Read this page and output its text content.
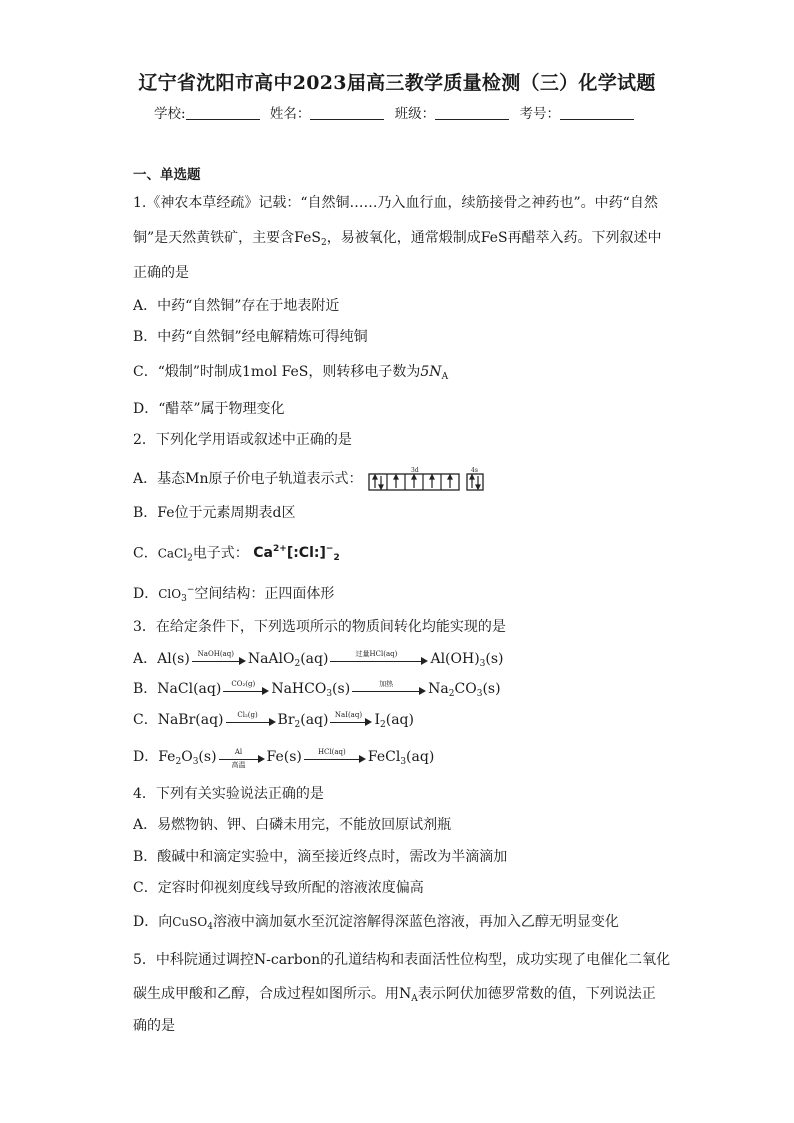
辽宁省沈阳市高中2023届高三教学质量检测（三）化学试题
学校:	姓名：	班级：	考号：
一、单选题
1.《神农本草经疏》记载：“自然铜……乃入血行血，续筋接骨之神药也”。中药“自然
铜”是天然黄铁矿，主要含FeS$_2$，易被氧化，通常煅制成FeS再醋萃入药。下列叙述中
正确的是
A．中药“自然铜”存在于地表附近
B．中药“自然铜”经电解精炼可得纯铜
C．“煅制”时制成1mol FeS，则转移电子数为$5N_A$
D．“醋萃”属于物理变化
2．下列化学用语或叙述中正确的是
A．基态Mn原子价电子轨道表示式：
3d	4s
B．Fe位于元素周期表d区
C．CaCl$_2$电子式： $Ca^{2+}[:Cl:]^-_2$
D．ClO$_3$−空间结构：正四面体形
3．在给定条件下，下列选项所示的物质间转化均能实现的是
A．Al(s)	NaOH(aq) NaAlO$_2$(aq)	过量HCl(aq)	$Al(OH)_3(s)$
B．NaCl(aq)	CO₂(g)	NaHCO$_3$(s)	加热	$Na_2CO_3(s)$
C．NaBr(aq)	Cl₂(g)	$Br_2(aq)$ NaI(aq) $I_2(aq)$
D．$Fe_2O_3(s)$	Al
高温	Fe(s)	HCl(aq)	FeCl$_3$(aq)
4．下列有关实验说法正确的是
A．易燃物钠、钾、白磷未用完，不能放回原试剂瓶
B．酸碱中和滴定实验中，滴至接近终点时，需改为半滴滴加
C．定容时仰视刻度线导致所配的溶液浓度偏高
D．向CuSO$_4$溶液中滴加氨水至沉淀溶解得深蓝色溶液，再加入乙醇无明显变化
5．中科院通过调控N-carbon的孔道结构和表面活性位构型，成功实现了电催化二氧化
碳生成甲酸和乙醇，合成过程如图所示。用$N_A$表示阿伏加德罗常数的值，下列说法正
确的是
